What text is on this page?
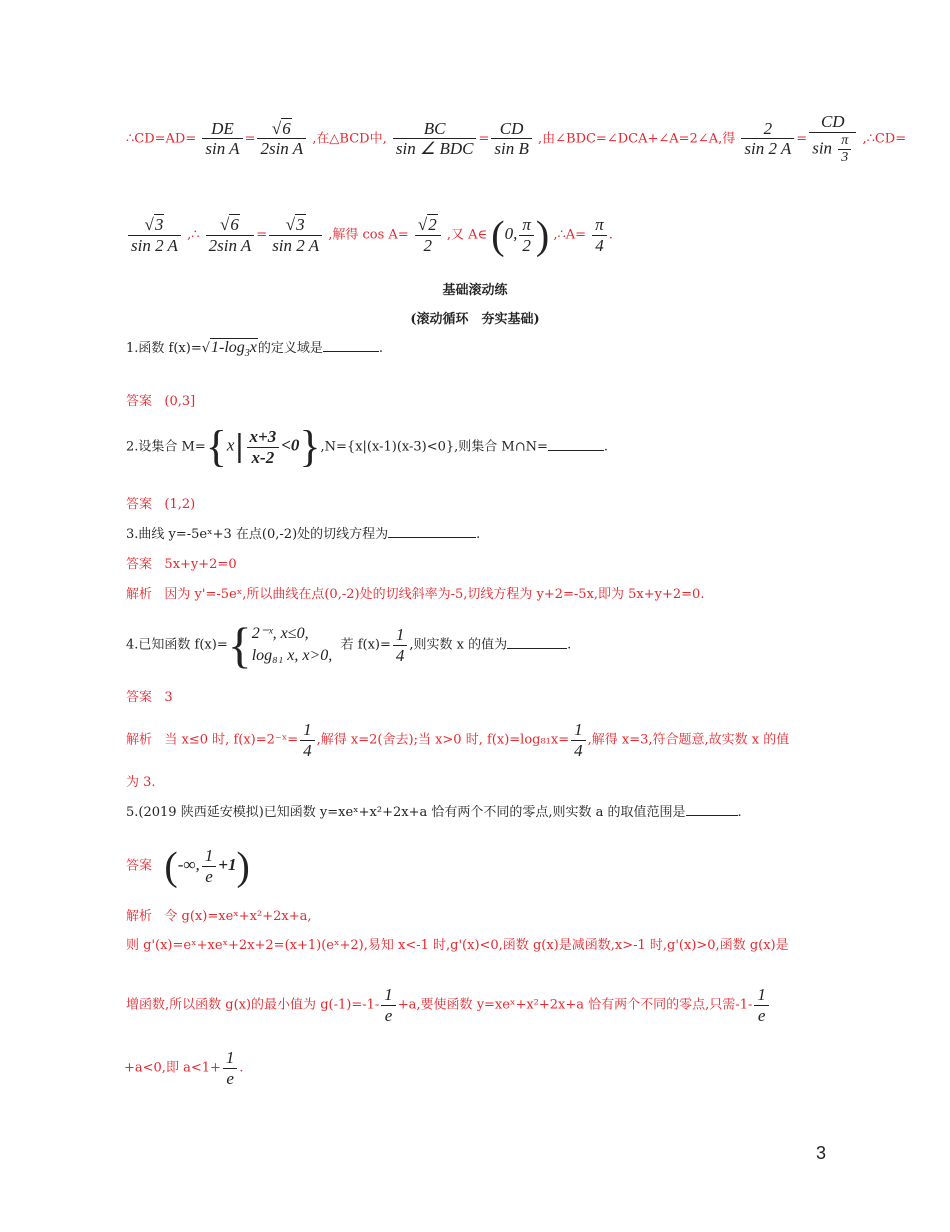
∴CD=AD= $\frac{DE}{\text{sin A}} = \frac{√6}{\text{2sin A}}$ ,在△BCD中, $\frac{BC}{\text{sin ∠ BDC}} = \frac{CD}{\text{sin B}}$ ,由∠BDC=∠DCA+∠A=2∠A,得 $\frac{2}{\sin 2 A} = \frac{CD}{\sin \frac{\pi}{3}}$ ,∴CD=
$\frac{√3}{\sin 2 A}$ ,∴ $\frac{√6}{\text{2sin A}} = \frac{√3}{\sin 2 A}$ ,解得 $\cos A= \frac{√2}{2}$ ,又 A∈ (0, $\frac{\pi}{2}$ ) ,∴A= $\frac{\pi}{4}$ .
基础滚动练
(滚动循环　夯实基础)
1.函数 $f(x)=√1-\log_3x$的定义域是	.
答案 (0,3]
2.设集合 $M=\{x| \frac{x+3}{x-2} <0\},N=\{x|(x-1)(x-3)<0\}$,则集合 M∩N=	.
答案 (1,2)
3.曲线 y=-5eˣ+3 在点(0,-2)处的切线方程为	.
答案 5x+y+2=0
解析 因为 y'=-5eˣ,所以曲线在点(0,-2)处的切线斜率为-5,切线方程为 y+2=-5x,即为 5x+y+2=0.
4.已知函数 f(x)={ 2⁻ˣ, x≤0,
log₈₁ x, x>0,
若 $f(x)= \frac{1}{4}$ ,则实数 x 的值为	.
答案 3
解析 当 x≤0 时, f(x)=2⁻ˣ= $\frac{1}{4}$ ,解得 x=2(舍去);当 x>0 时, $f(x)=\log_{81}x= \frac{1}{4}$ ,解得 x=3,符合题意,故实数 x 的值
为 3.
5.(2019 陕西延安模拟)已知函数 y=xeˣ+x²+2x+a 恰有两个不同的零点,则实数 a 的取值范围是	.
答案 (-∞, $\frac{1}{e} +1$)
解析 令 g(x)=xeˣ+x²+2x+a,
则 g'(x)=eˣ+xeˣ+2x+2=(x+1)(eˣ+2),易知 x<-1 时,g'(x)<0,函数 g(x)是减函数,x>-1 时,g'(x)>0,函数 g(x)是
增函数,所以函数 g(x)的最小值为 $g(-1)=-1- \frac{1}{e} +a$,要使函数 y=xeˣ+x²+2x+a 恰有两个不同的零点,只需$-1- \frac{1}{e}$
+a<0,即 $a<1+ \frac{1}{e}$ .
3
